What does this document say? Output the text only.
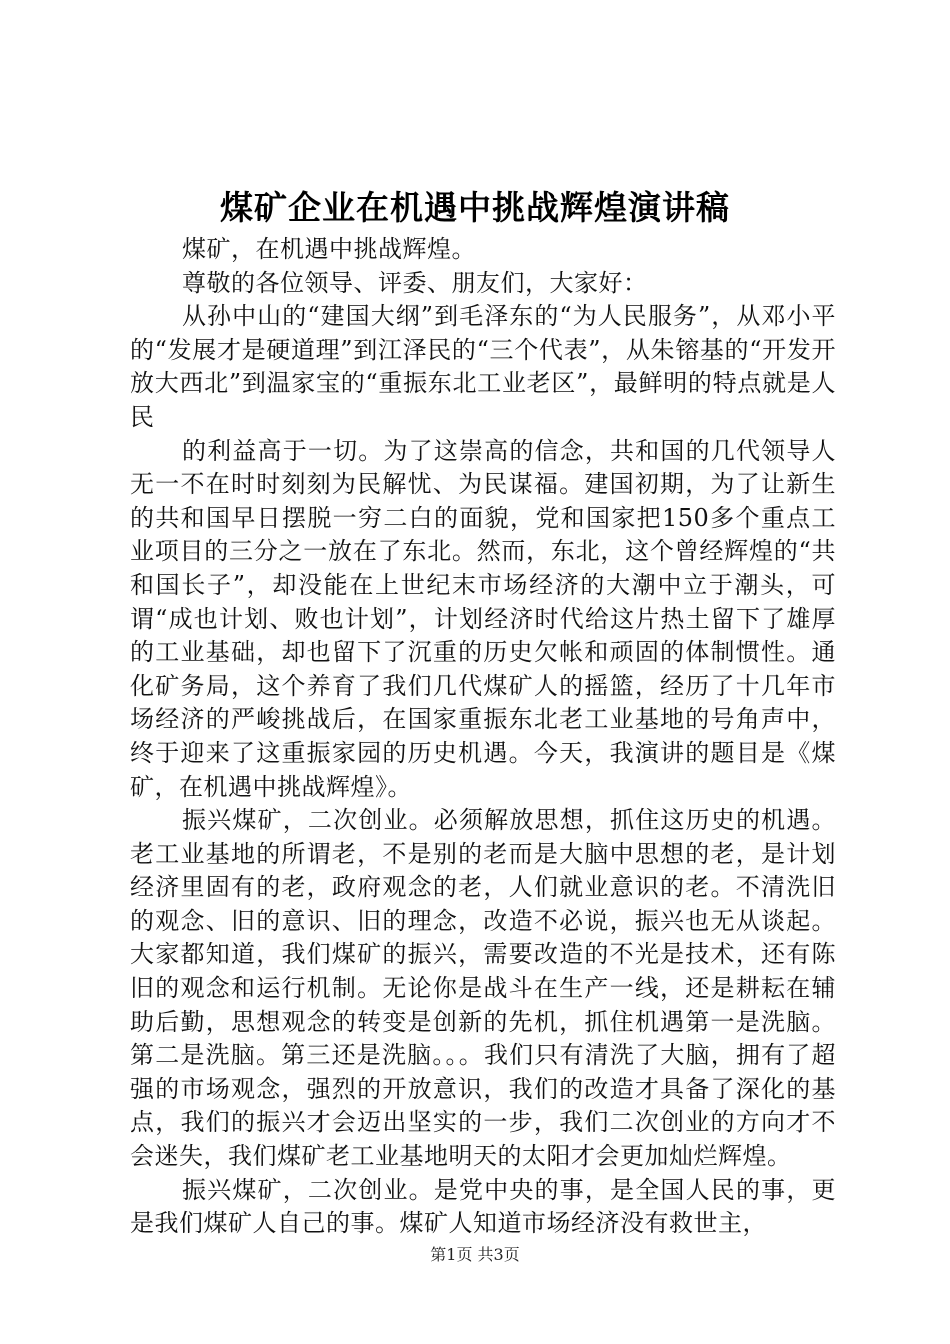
煤矿企业在机遇中挑战辉煌演讲稿

煤矿，在机遇中挑战辉煌。

尊敬的各位领导、评委、朋友们，大家好：

从孙中山的“建国大纲”到毛泽东的“为人民服务”，从邓小平的“发展才是硬道理”到江泽民的“三个代表”，从朱镕基的“开发开放大西北”到温家宝的“重振东北工业老区”，最鲜明的特点就是人民

的利益高于一切。为了这崇高的信念，共和国的几代领导人无一不在时时刻刻为民解忧、为民谋福。建国初期，为了让新生的共和国早日摆脱一穷二白的面貌，党和国家把150多个重点工业项目的三分之一放在了东北。然而，东北，这个曾经辉煌的“共和国长子”，却没能在上世纪末市场经济的大潮中立于潮头，可谓“成也计划、败也计划”，计划经济时代给这片热土留下了雄厚的工业基础，却也留下了沉重的历史欠帐和顽固的体制惯性。通化矿务局，这个养育了我们几代煤矿人的摇篮，经历了十几年市场经济的严峻挑战后，在国家重振东北老工业基地的号角声中，终于迎来了这重振家园的历史机遇。今天，我演讲的题目是《煤矿，在机遇中挑战辉煌》。

振兴煤矿，二次创业。必须解放思想，抓住这历史的机遇。老工业基地的所谓老，不是别的老而是大脑中思想的老，是计划经济里固有的老，政府观念的老，人们就业意识的老。不清洗旧的观念、旧的意识、旧的理念，改造不必说，振兴也无从谈起。大家都知道，我们煤矿的振兴，需要改造的不光是技术，还有陈旧的观念和运行机制。无论你是战斗在生产一线，还是耕耘在辅助后勤，思想观念的转变是创新的先机，抓住机遇第一是洗脑。第二是洗脑。第三还是洗脑。。。我们只有清洗了大脑，拥有了超强的市场观念，强烈的开放意识，我们的改造才具备了深化的基点，我们的振兴才会迈出坚实的一步，我们二次创业的方向才不会迷失，我们煤矿老工业基地明天的太阳才会更加灿烂辉煌。

振兴煤矿，二次创业。是党中央的事，是全国人民的事，更是我们煤矿人自己的事。煤矿人知道市场经济没有救世主，

第1页 共3页
